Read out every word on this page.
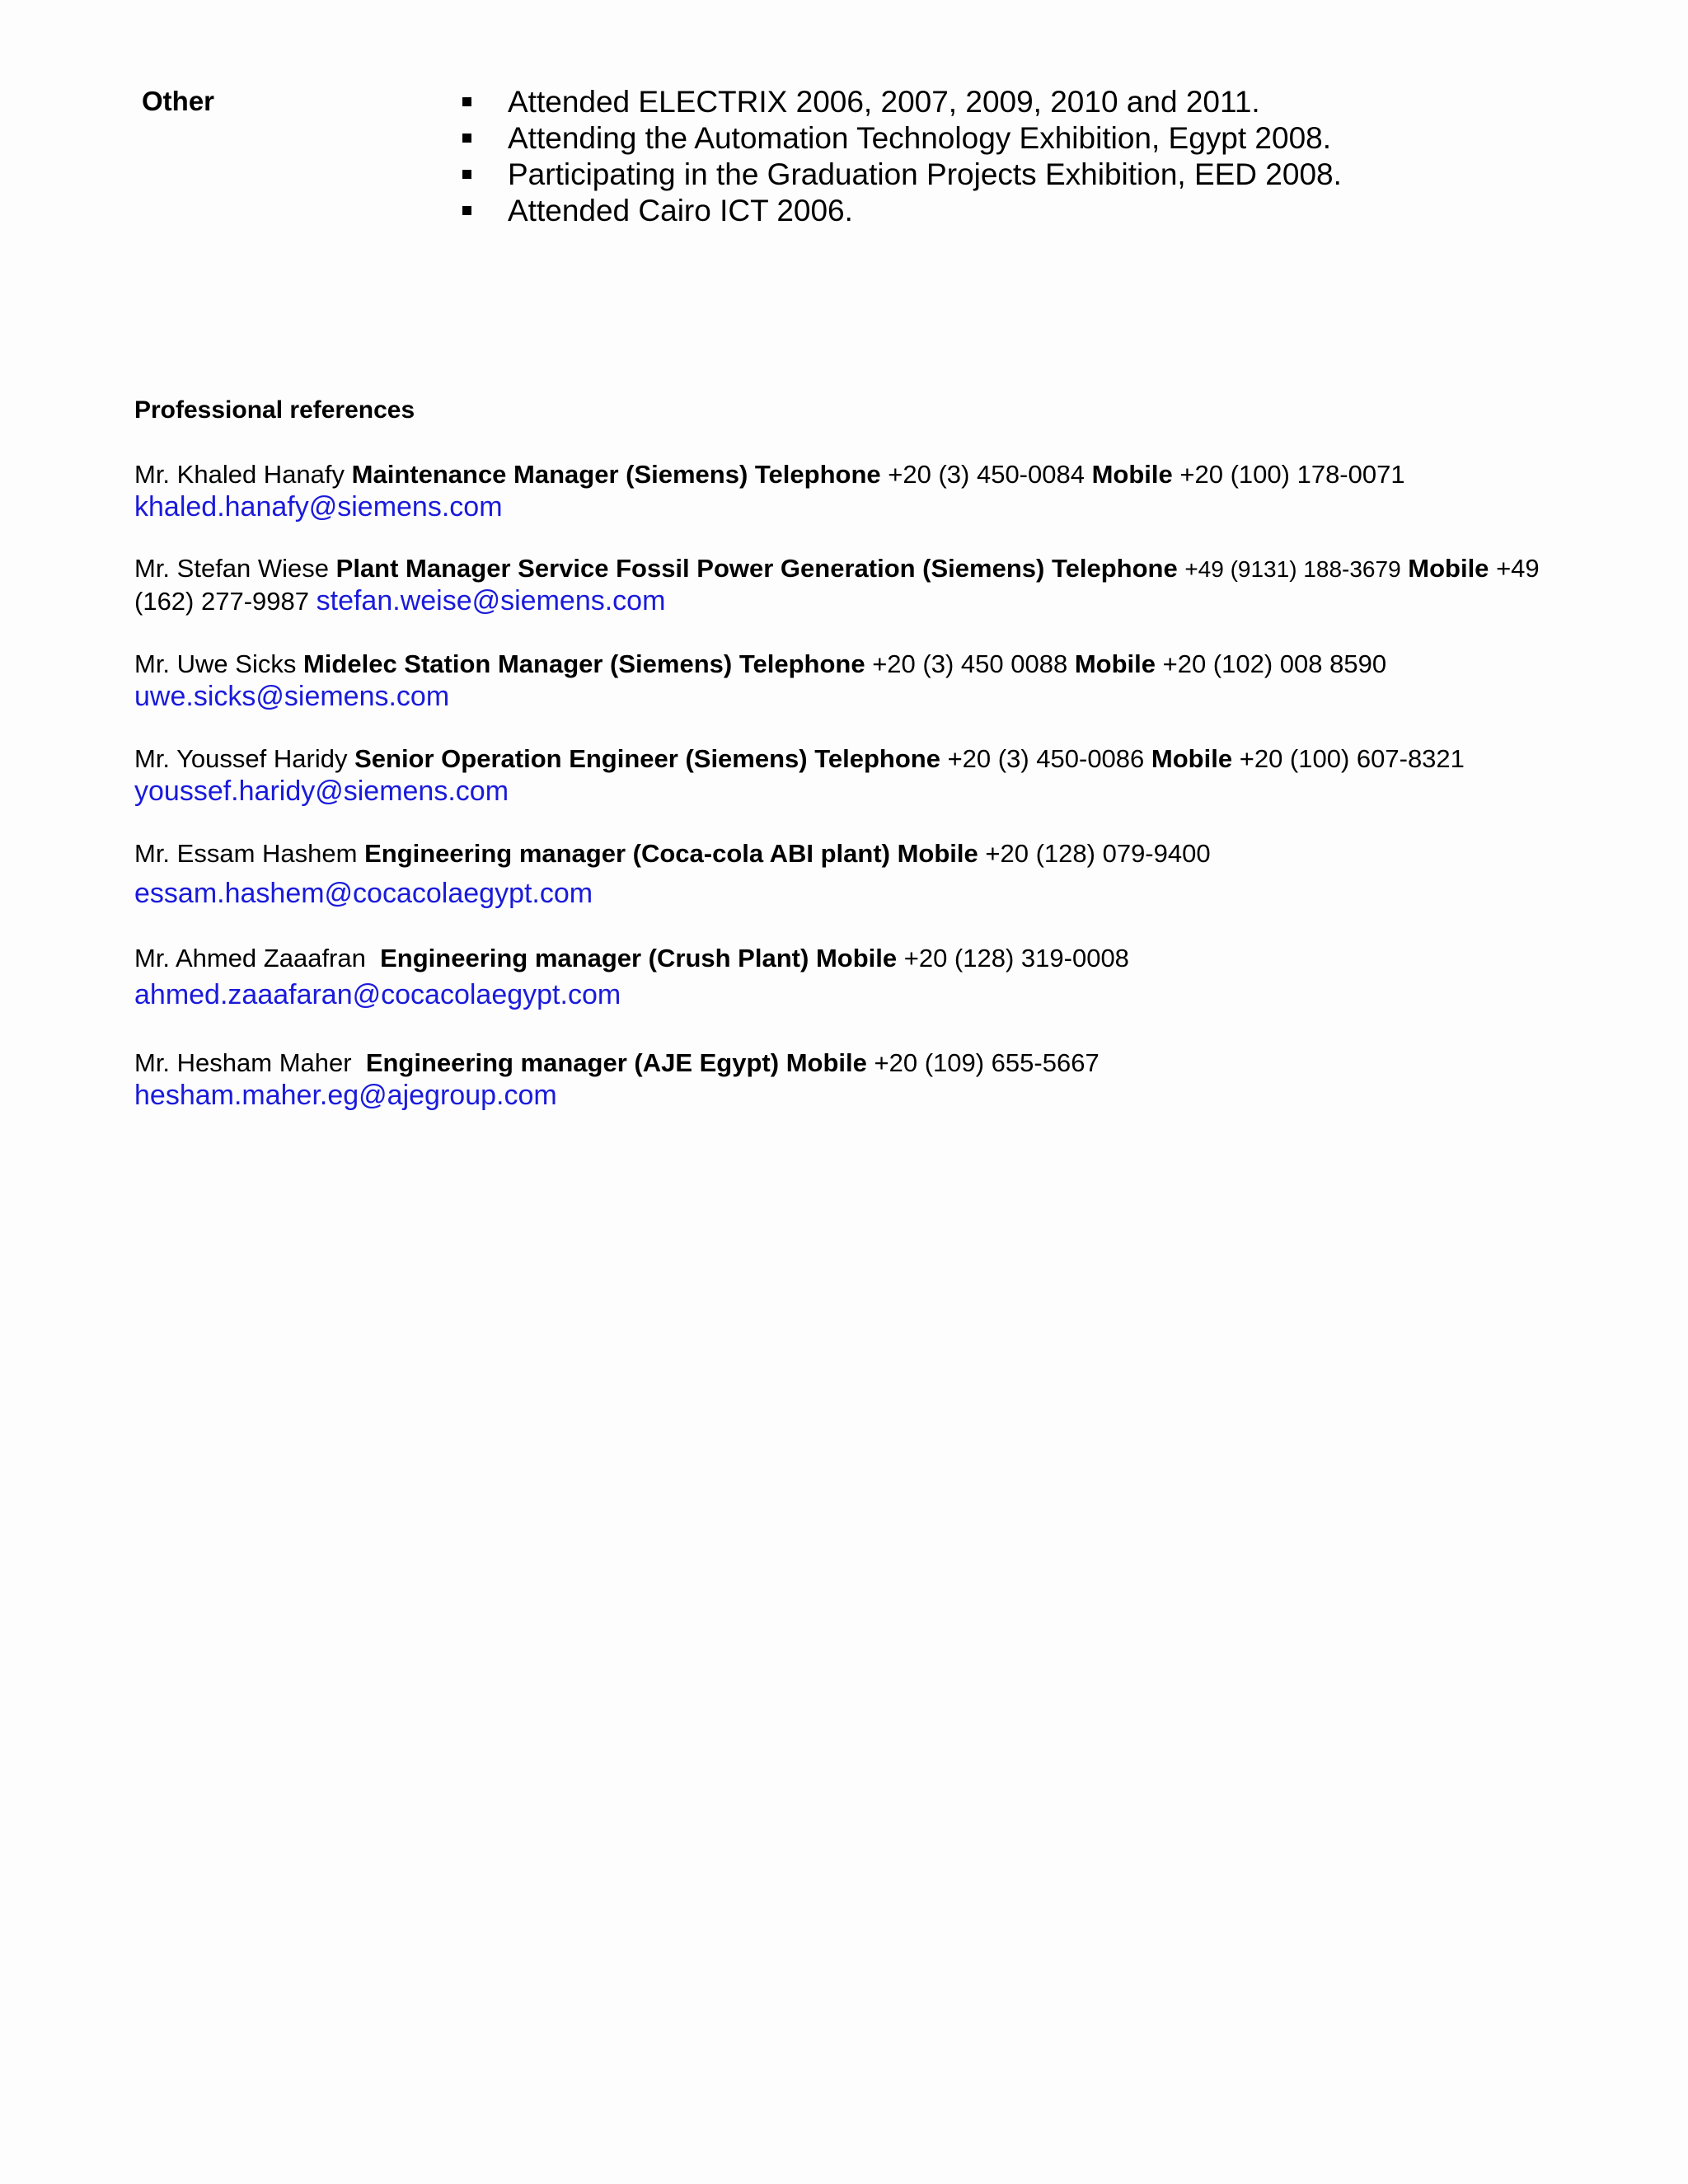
Other	Attended ELECTRIX 2006, 2007, 2009, 2010 and 2011.
Attending the Automation Technology Exhibition, Egypt 2008.
Participating in the Graduation Projects Exhibition, EED 2008.
Attended Cairo ICT 2006.
Professional references
Mr. Khaled Hanafy Maintenance Manager (Siemens) Telephone +20 (3) 450-0084 Mobile +20 (100) 178-0071
khaled.hanafy@siemens.com
Mr. Stefan Wiese Plant Manager Service Fossil Power Generation (Siemens) Telephone +49 (9131) 188-3679 Mobile +49 (162) 277-9987 stefan.weise@siemens.com
Mr. Uwe Sicks Midelec Station Manager (Siemens) Telephone +20 (3) 450 0088 Mobile +20 (102) 008 8590
uwe.sicks@siemens.com
Mr. Youssef Haridy Senior Operation Engineer (Siemens) Telephone +20 (3) 450-0086 Mobile +20 (100) 607-8321
youssef.haridy@siemens.com
Mr. Essam Hashem Engineering manager (Coca-cola ABI plant) Mobile +20 (128) 079-9400
essam.hashem@cocacolaegypt.com
Mr. Ahmed Zaaafran Engineering manager (Crush Plant) Mobile +20 (128) 319-0008
ahmed.zaaafaran@cocacolaegypt.com
Mr. Hesham Maher Engineering manager (AJE Egypt) Mobile +20 (109) 655-5667
hesham.maher.eg@ajegroup.com
